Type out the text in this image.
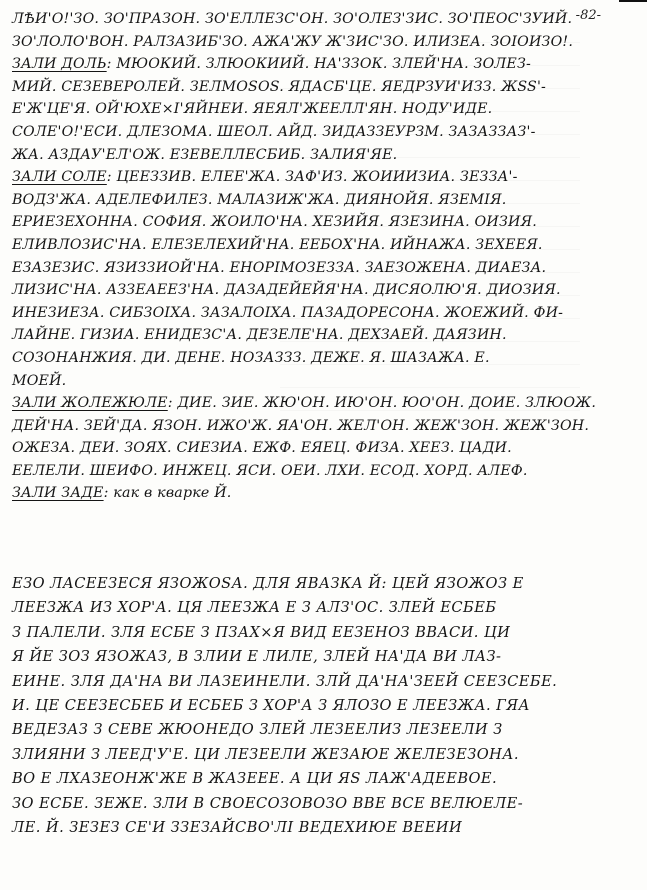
-82-
ЛѢИ'О!'ЗО. ЗО'ПРАЗОН. ЗО'ЕЛЛЕЗС'ОН. ЗО'ОЛЕЗ'ЗИС. ЗО'ПЕОС'ЗУИЙ.
ЗО'ЛОЛО'ВОН. РАЛЗАЗИБ'ЗО. АЖА'ЖУ Ж'ЗИС'ЗО. ИЛИЗЕА. ЗОIОИЗО!.
ЗАЛИ ДОЛЬ: МЮОКИЙ. ЗЛЮОКИИЙ. НА'ЗЗОК. ЗЛЕЙ'НА. ЗОЛЕЗ-
МИЙ. СЕЗЕВЕРОЛЕЙ. ЗЕЛМОSOS. ЯДАСБ'ЦЕ. ЯЕДРЗУИ'ИЗЗ. ЖSS'-
Е'Ж'ЦЕ'Я. ОЙ'ЮХЕ×I'ЯЙНЕИ. ЯЕЯЛ'ЖЕЕЛЛ'ЯН. НОДУ'ИДЕ.
СОЛЕ'О!'ЕСИ. ДЛЕЗОМА. ШЕОЛ. АЙД. ЗИДАЗЗЕУРЗМ. ЗАЗАЗЗАЗ'-
ЖА. АЗДАУ'ЕЛ'ОЖ. ЕЗЕВЕЛЛЕСБИБ. ЗАЛИЯ'ЯЕ.
ЗАЛИ СОЛЕ: ЦЕЕЗЗИВ. ЕЛЕЕ'ЖА. ЗАФ'ИЗ. ЖОИИИЗИА. ЗЕЗЗА'-
ВОДЗ'ЖА. АДЕЛЕФИЛЕЗ. МАЛАЗИЖ'ЖА. ДИЯНОЙЯ. ЯЗЕМIЯ.
ЕРИЕЗЕХОННА. СОФИЯ. ЖОИЛО'НА. ХЕЗИЙЯ. ЯЗЕЗИНА. ОИЗИЯ.
ЕЛИВЛОЗИС'НА. ЕЛЕЗЕЛЕХИЙ'НА. ЕЕБОХ'НА. ИЙНАЖА. ЗЕХЕЕЯ.
ЕЗАЗЕЗИС. ЯЗИЗЗИОЙ'НА. ЕНОРIМОЗЕЗЗА. ЗАЕЗОЖЕНА. ДИАЕЗА.
ЛИЗИС'НА. АЗЗЕАЕЕЗ'НА. ДАЗАДЕЙЕЙЯ'НА. ДИСЯОЛЮ'Я. ДИОЗИЯ.
ИНЕЗИЕЗА. СИБЗОIХА. ЗАЗАЛОIХА. ПАЗАДОРЕСОНА. ЖОЕЖИЙ. ФИ-
ЛАЙНЕ. ГИЗИА. ЕНИДЕЗС'А. ДЕЗЕЛЕ'НА. ДЕХЗАЕЙ. ДАЯЗИН.
СОЗОНАНЖИЯ. ДИ. ДЕНЕ. НОЗАЗЗЗ. ДЕЖЕ. Я. ШАЗАЖА. Е.
МОЕЙ.
ЗАЛИ ЖОЛЕЖЮЛЕ: ДИЕ. ЗИЕ. ЖЮ'ОН. ИЮ'ОН. ЮО'ОН. ДОИЕ. ЗЛЮОЖ.
ДЕЙ'НА. ЗЕЙ'ДА. ЯЗОН. ИЖО'Ж. ЯА'ОН. ЖЕЛ'ОН. ЖЕЖ'ЗОН. ЖЕЖ'ЗОН.
ОЖЕЗА. ДЕИ. ЗОЯХ. СИЕЗИА. ЕЖФ. ЕЯЕЦ. ФИЗА. ХЕЕЗ. ЦАДИ.
ЕЕЛЕЛИ. ШЕИФО. ИНЖЕЦ. ЯСИ. ОЕИ. ЛХИ. ЕСОД. ХОРД. АЛЕФ.
ЗАЛИ ЗАДЕ: как в кварке Й.
ЕЗО ЛАСЕЕЗЕСЯ ЯЗОЖОSА. ДЛЯ ЯВАЗКА Й: ЦЕЙ ЯЗОЖОЗ Е
ЛЕЕЗЖА ИЗ ХОР'А. ЦЯ ЛЕЕЗЖА Е З АЛЗ'ОС. ЗЛЕЙ ЕСБЕБ
З ПАЛЕЛИ. ЗЛЯ ЕСБЕ З ПЗАХ×Я ВИД ЕЕЗЕНОЗ ВВАСИ. ЦИ
Я ЙЕ ЗОЗ ЯЗОЖАЗ, В ЗЛИИ Е ЛИЛЕ, ЗЛЕЙ НА'ДА ВИ ЛАЗ-
ЕИНЕ. ЗЛЯ ДА'НА ВИ ЛАЗЕИНЕЛИ. ЗЛЙ ДА'НА'ЗЕЕЙ СЕЕЗСЕБЕ.
И. ЦЕ СЕЕЗЕСБЕБ И ЕСБЕБ З ХОР'А З ЯЛОЗО Е ЛЕЕЗЖА. ГЯА
ВЕДЕЗАЗ З СЕВЕ ЖЮОНЕДО ЗЛЕЙ ЛЕЗЕЕЛИЗ ЛЕЗЕЕЛИ З
ЗЛИЯНИ З ЛЕЕД'У'Е. ЦИ ЛЕЗЕЕЛИ ЖЕЗАЮЕ ЖЕЛЕЗЕЗОНА.
ВО Е ЛХАЗЕОНЖ'ЖЕ В ЖАЗЕЕЕ. А ЦИ ЯS ЛАЖ'АДЕЕВОЕ.
ЗО ЕСБЕ. ЗЕЖЕ. ЗЛИ В СВОЕСОЗОВОЗО ВВЕ ВСЕ ВЕЛЮЕЛЕ-
ЛЕ. Й. ЗЕЗЕЗ СЕ'И ЗЗЕЗАЙСВО'ЛI ВЕДЕХИЮЕ ВЕЕИИ
